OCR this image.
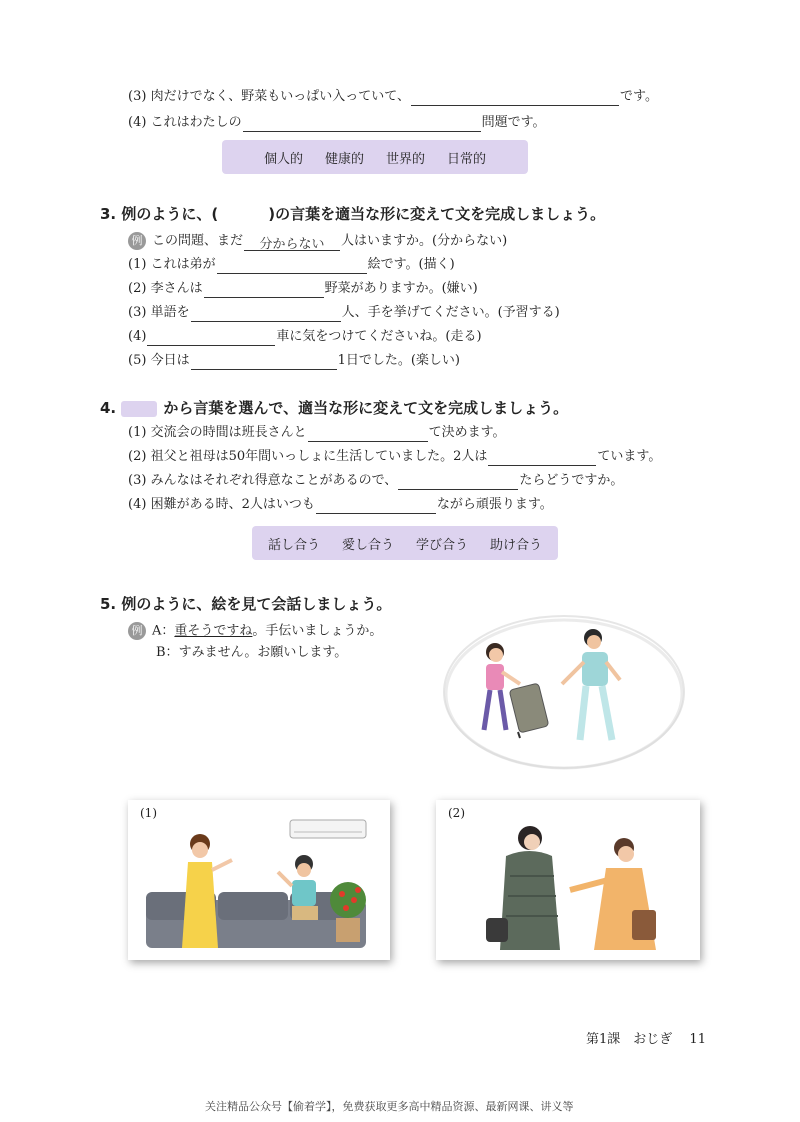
(3) 肉だけでなく、野菜もいっぱい入っていて、	です。
(4) これはわたしの	問題です。
個人的 健康的 世界的 日常的
3. 例のように、(	)の言葉を適当な形に変えて文を完成しましょう。
例 この問題、まだ 分からない 人はいますか。(分からない)
(1) これは弟が	絵です。(描く)
(2) 李さんは	野菜がありますか。(嫌い)
(3) 単語を	人、手を挙げてください。(予習する)
(4)	車に気をつけてくださいね。(走る)
(5) 今日は	1日でした。(楽しい)
4.	から言葉を選んで、適当な形に変えて文を完成しましょう。
(1) 交流会の時間は班長さんと	て決めます。
(2) 祖父と祖母は50年間いっしょに生活していました。2人は	ています。
(3) みんなはそれぞれ得意なことがあるので、	たらどうですか。
(4) 困難がある時、2人はいつも	ながら頑張ります。
話し合う 愛し合う 学び合う 助け合う
5. 例のように、絵を見て会話しましょう。
例 A：重そうですね。手伝いましょうか。
B：すみません。お願いします。
(1)	(2)
第1課　おじぎ　 11
关注精品公众号【偷着学】，免费获取更多高中精品资源、最新网课、讲义等
